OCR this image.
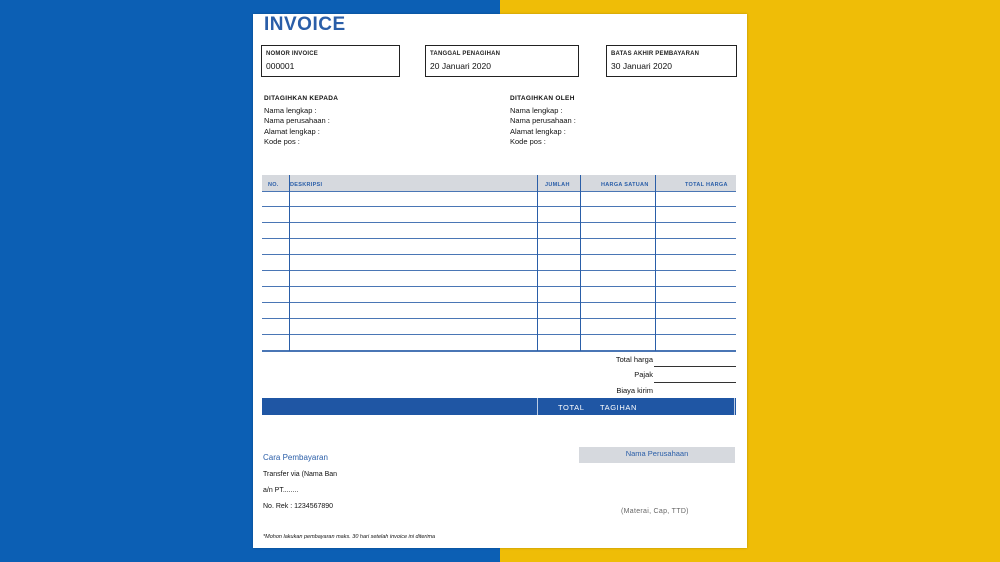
INVOICE
NOMOR INVOICE
000001
TANGGAL PENAGIHAN
20 Januari 2020
BATAS AKHIR PEMBAYARAN
30 Januari 2020
DITAGIHKAN KEPADA
Nama lengkap :
Nama perusahaan :
Alamat lengkap :
Kode pos :
DITAGIHKAN OLEH
Nama lengkap :
Nama perusahaan :
Alamat lengkap :
Kode pos :
NO. DESKRIPSI	JUMLAH	HARGA SATUAN	TOTAL HARGA
Total harga
Pajak
Biaya kirim
TOTAL TAGIHAN
Cara Pembayaran
Transfer via (Nama Ban
a/n PT........
No. Rek : 1234567890
Nama Perusahaan
(Materai, Cap, TTD)
*Mohon lakukan pembayaran maks. 30 hari setelah invoice ini diterima
